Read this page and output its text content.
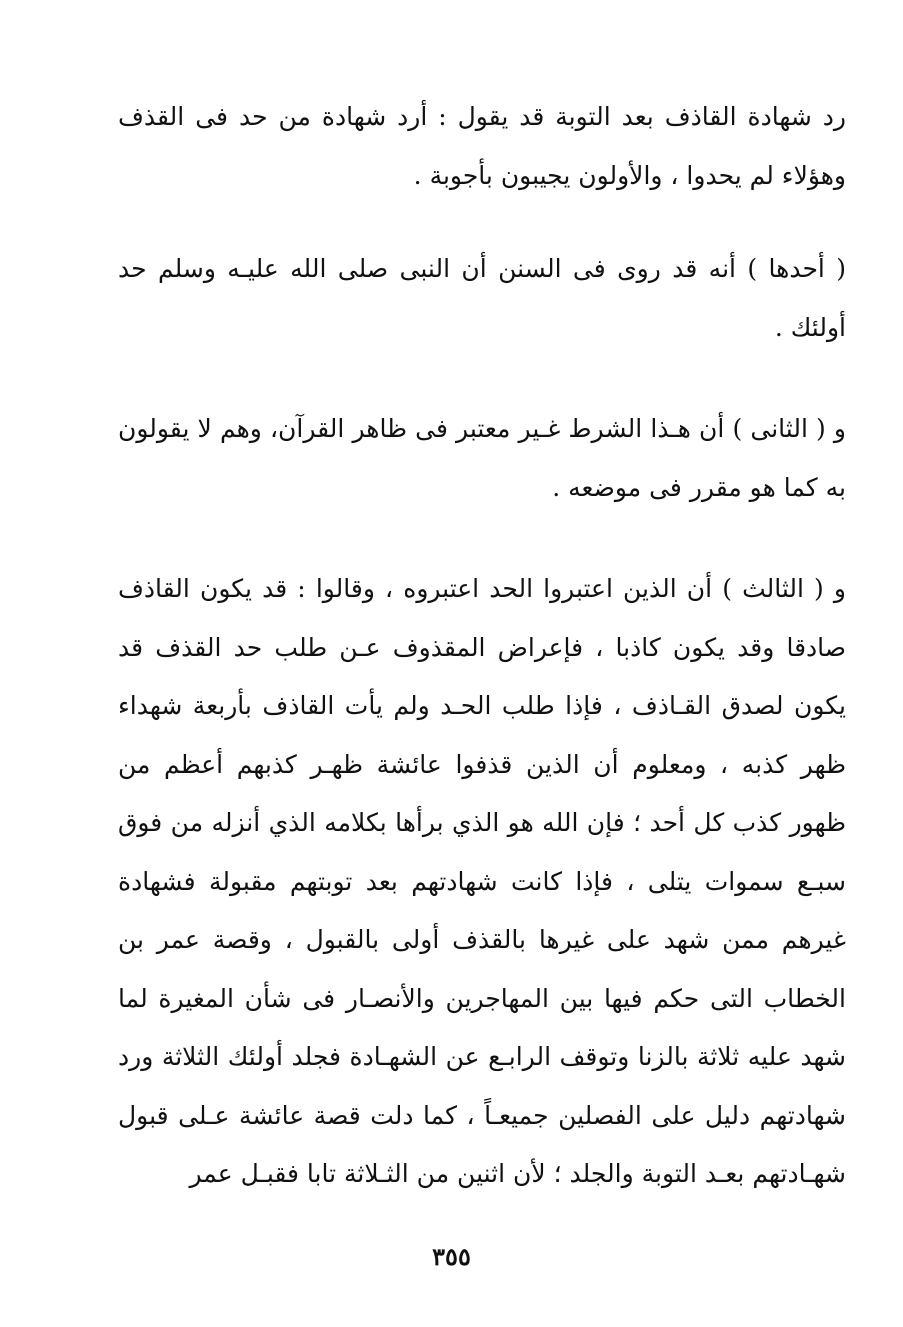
رد شهادة القاذف بعد التوبة قد يقول : أرد شهادة من حد فى القذف وهؤلاء لم يحدوا ، والأولون يجيبون بأجوبة .

( أحدها ) أنه قد روى فى السنن أن النبى صلى الله عليـه وسلم حد أولئك .

و ( الثانى ) أن هـذا الشرط غـير معتبر فى ظاهر القرآن، وهم لا يقولون به كما هو مقرر فى موضعه .

و ( الثالث ) أن الذين اعتبروا الحد اعتبروه ، وقالوا : قد يكون القاذف صادقا وقد يكون كاذبا ، فإعراض المقذوف عـن طلب حد القذف قد يكون لصدق القـاذف ، فإذا طلب الحـد ولم يأت القاذف بأربعة شهداء ظهر كذبه ، ومعلوم أن الذين قذفوا عائشة ظهـر كذبهم أعظم من ظهور كذب كل أحد ؛ فإن الله هو الذي برأها بكلامه الذي أنزله من فوق سبـع سموات يتلى ، فإذا كانت شهادتهم بعد توبتهم مقبولة فشهادة غيرهم ممن شهد على غيرها بالقذف أولى بالقبول ، وقصة عمر بن الخطاب التى حكم فيها بين المهاجرين والأنصـار فى شأن المغيرة لما شهد عليه ثلاثة بالزنا وتوقف الرابـع عن الشهـادة فجلد أولئك الثلاثة ورد شهادتهم دليل على الفصلين جميعـاً ، كما دلت قصة عائشة عـلى قبول شهـادتهم بعـد التوبة والجلد ؛ لأن اثنين من الثـلاثة تابا فقبـل عمر

٣٥٥
